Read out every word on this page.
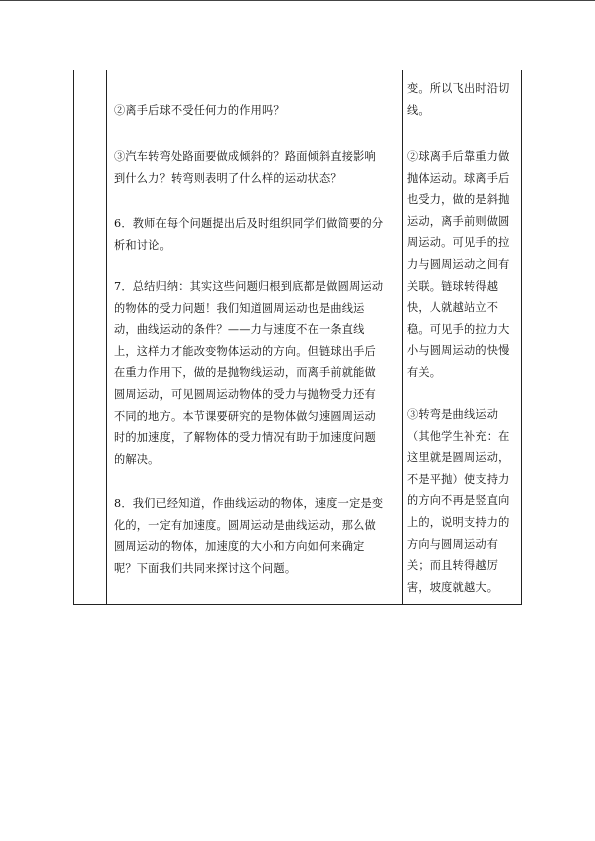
②离手后球不受任何力的作用吗？

③汽车转弯处路面要做成倾斜的？路面倾斜直接影响
到什么力？转弯则表明了什么样的运动状态？

6．教师在每个问题提出后及时组织同学们做简要的分
析和讨论。

7．总结归纳：其实这些问题归根到底都是做圆周运动
的物体的受力问题！我们知道圆周运动也是曲线运
动，曲线运动的条件？——力与速度不在一条直线
上，这样力才能改变物体运动的方向。但链球出手后
在重力作用下，做的是抛物线运动，而离手前就能做
圆周运动，可见圆周运动物体的受力与抛物受力还有
不同的地方。本节课要研究的是物体做匀速圆周运动
时的加速度，了解物体的受力情况有助于加速度问题
的解决。

8．我们已经知道，作曲线运动的物体，速度一定是变
化的，一定有加速度。圆周运动是曲线运动，那么做
圆周运动的物体，加速度的大小和方向如何来确定
呢？下面我们共同来探讨这个问题。

变。所以飞出时沿切
线。

②球离手后靠重力做
抛体运动。球离手后
也受力，做的是斜抛
运动，离手前则做圆
周运动。可见手的拉
力与圆周运动之间有
关联。链球转得越
快，人就越站立不
稳。可见手的拉力大
小与圆周运动的快慢
有关。

③转弯是曲线运动
（其他学生补充：在
这里就是圆周运动，
不是平抛）使支持力
的方向不再是竖直向
上的，说明支持力的
方向与圆周运动有
关；而且转得越厉
害，坡度就越大。
